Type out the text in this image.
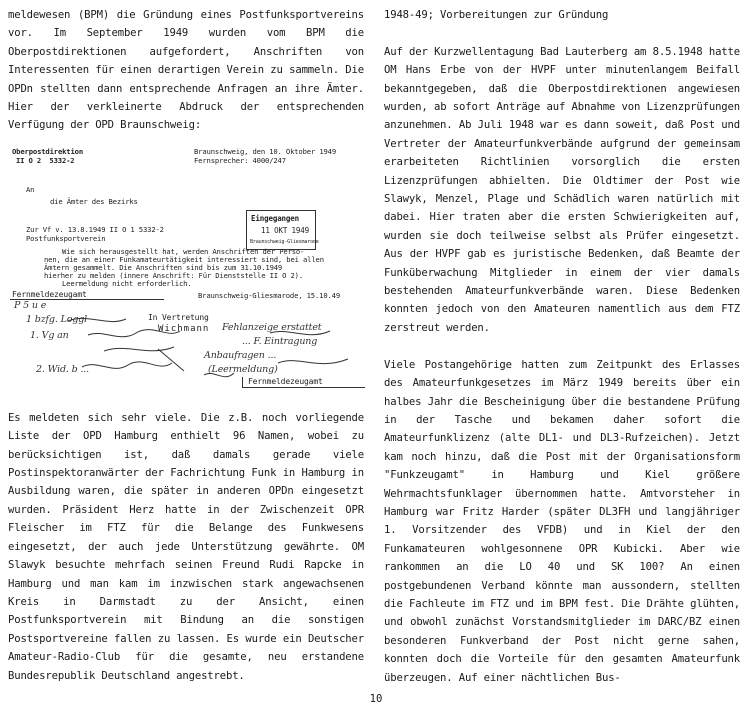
meldewesen (BPM) die Gründung eines Postfunksportvereins vor. Im September 1949 wurden vom BPM die Oberpostdirektionen aufgefordert, Anschriften von Interessenten für einen derartigen Verein zu sammeln. Die OPDn stellten dann entsprechende Anfragen an ihre Ämter. Hier der verkleinerte Abdruck der entsprechenden Verfügung der OPD Braunschweig:

Oberpostdirektion
II O 2  5332-2
Braunschweig, den 10. Oktober 1949
Fernsprecher: 4000/247
An
die Ämter des Bezirks
Eingegangen
11 OKT 1949
Braunschweig-Gliesmarode
Zur Vf v. 13.8.1949 II O 1 5332-2
Postfunksportverein
Wie sich herausgestellt hat, werden Anschriften der Perso-
nen, die an einer Funkamateurtätigkeit interessiert sind, bei allen
Ämtern gesammelt. Die Anschriften sind bis zum 31.10.1949
hierher zu melden (innere Anschrift: Für Dienststelle II O 2).
Leermeldung nicht erforderlich.
Fernmeldezeugamt	Braunschweig-Gliesmarode, 15.10.49
P 5 u e
1 bzfg. Loggl	In Vertretung
Wichmann
1. Vg an
Fehlanzeige erstattet
... F. Eintragung
Anbaufragen ...
2. Wid. b ...	(Leermeldung)
Fernmeldezeugamt

Es meldeten sich sehr viele. Die z.B. noch vorliegende Liste der OPD Hamburg enthielt 96 Namen, wobei zu berücksichtigen ist, daß damals gerade viele Postinspektoranwärter der Fachrichtung Funk in Hamburg in Ausbildung waren, die später in anderen OPDn eingesetzt wurden. Präsident Herz hatte in der Zwischenzeit OPR Fleischer im FTZ für die Belange des Funkwesens eingesetzt, der auch jede Unterstützung gewährte. OM Slawyk besuchte mehrfach seinen Freund Rudi Rapcke in Hamburg und man kam im inzwischen stark angewachsenen Kreis in Darmstadt zu der Ansicht, einen Postfunksportverein mit Bindung an die sonstigen Postsportvereine fallen zu lassen. Es wurde ein Deutscher Amateur-Radio-Club für die gesamte, neu erstandene Bundesrepublik Deutschland angestrebt.

1948-49; Vorbereitungen zur Gründung

Auf der Kurzwellentagung Bad Lauterberg am 8.5.1948 hatte OM Hans Erbe von der HVPF unter minutenlangem Beifall bekanntgegeben, daß die Oberpostdirektionen angewiesen wurden, ab sofort Anträge auf Abnahme von Lizenzprüfungen anzunehmen. Ab Juli 1948 war es dann soweit, daß Post und Vertreter der Amateurfunkverbände aufgrund der gemeinsam erarbeiteten Richtlinien vorsorglich die ersten Lizenzprüfungen abhielten. Die Oldtimer der Post wie Slawyk, Menzel, Plage und Schädlich waren natürlich mit dabei. Hier traten aber die ersten Schwierigkeiten auf, wurden sie doch teilweise selbst als Prüfer eingesetzt. Aus der HVPF gab es juristische Bedenken, daß Beamte der Funküberwachung Mitglieder in einem der vier damals bestehenden Amateurfunkverbände waren. Diese Bedenken konnten jedoch von den Amateuren namentlich aus dem FTZ zerstreut werden.

Viele Postangehörige hatten zum Zeitpunkt des Erlasses des Amateurfunkgesetzes im März 1949 bereits über ein halbes Jahr die Bescheinigung über die bestandene Prüfung in der Tasche und bekamen daher sofort die Amateurfunklizenz (alte DL1- und DL3-Rufzeichen). Jetzt kam noch hinzu, daß die Post mit der Organisationsform "Funkzeugamt" in Hamburg und Kiel größere Wehrmachtsfunklager übernommen hatte. Amtvorsteher in Hamburg war Fritz Harder (später DL3FH und langjähriger 1. Vorsitzender des VFDB) und in Kiel der den Funkamateuren wohlgesonnene OPR Kubicki. Aber wie rankommen an die LO 40 und SK 100? An einen postgebundenen Verband könnte man aussondern, stellten die Fachleute im FTZ und im BPM fest. Die Drähte glühten, und obwohl zunächst Vorstandsmitglieder im DARC/BZ einen besonderen Funkverband der Post nicht gerne sahen, konnten doch die Vorteile für den gesamten Amateurfunk überzeugen. Auf einer nächtlichen Bus-

10
